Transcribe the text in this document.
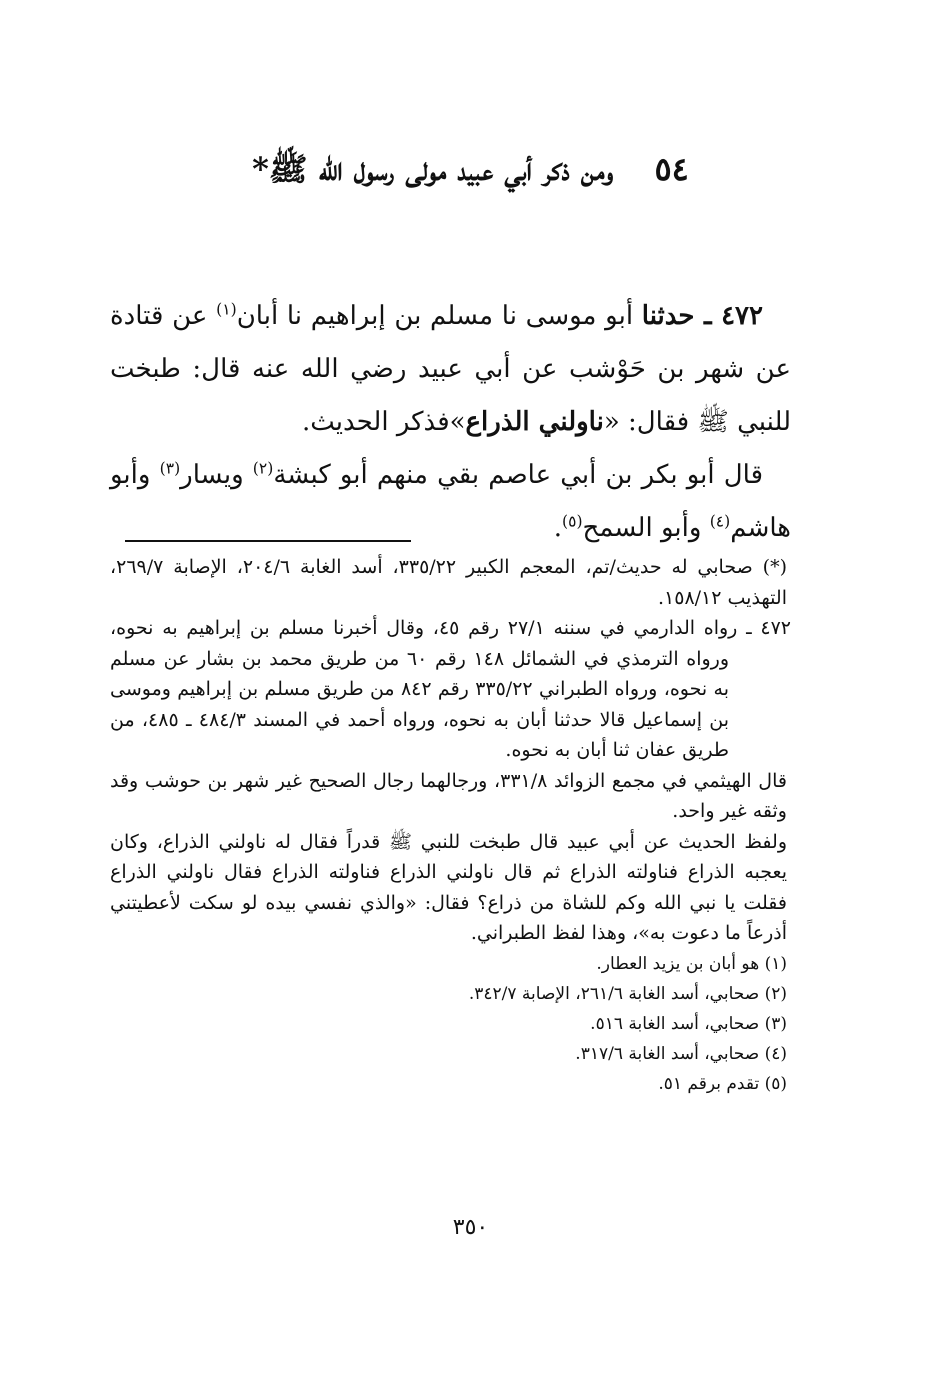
٥٤ ومن ذكر أبي عبيد مولى رسول الله ﷺ*

٤٧٢ ـ حدثنا أبو موسى نا مسلم بن إبراهيم نا أبان$^{(١)}$ عن قتادة عن شهر بن حَوْشب عن أبي عبيد رضي الله عنه قال: طبخت للنبي ﷺ فقال: «ناولني الذراع»فذكر الحديث.

قال أبو بكر بن أبي عاصم بقي منهم أبو كبشة$^{(٢)}$ ويسار$^{(٣)}$ وأبو هاشم$^{(٤)}$ وأبو السمح$^{(٥)}$.

(*) صحابي له حديث/تم، المعجم الكبير ٣٣٥/٢٢، أسد الغابة ٢٠٤/٦، الإصابة ٢٦٩/٧، التهذيب ١٥٨/١٢.

٤٧٢ ـ رواه الدارمي في سننه ٢٧/١ رقم ٤٥، وقال أخبرنا مسلم بن إبراهيم به نحوه، ورواه الترمذي في الشمائل ١٤٨ رقم ٦٠ من طريق محمد بن بشار عن مسلم به نحوه، ورواه الطبراني ٣٣٥/٢٢ رقم ٨٤٢ من طريق مسلم بن إبراهيم وموسى بن إسماعيل قالا حدثنا أبان به نحوه، ورواه أحمد في المسند ٤٨٤/٣ ـ ٤٨٥، من طريق عفان ثنا أبان به نحوه.

قال الهيثمي في مجمع الزوائد ٣٣١/٨، ورجالهما رجال الصحيح غير شهر بن حوشب وقد وثقه غير واحد.

ولفظ الحديث عن أبي عبيد قال طبخت للنبي ﷺ قدراً فقال له ناولني الذراع، وكان يعجبه الذراع فناولته الذراع ثم قال ناولني الذراع فناولته الذراع فقال ناولني الذراع فقلت يا نبي الله وكم للشاة من ذراع؟ فقال: «والذي نفسي بيده لو سكت لأعطيتني أذرعاً ما دعوت به»، وهذا لفظ الطبراني.

(١) هو أبان بن يزيد العطار.

(٢) صحابي، أسد الغابة ٢٦١/٦، الإصابة ٣٤٢/٧.

(٣) صحابي، أسد الغابة ٥١٦.

(٤) صحابي، أسد الغابة ٣١٧/٦.

(٥) تقدم برقم ٥١.

٣٥٠
